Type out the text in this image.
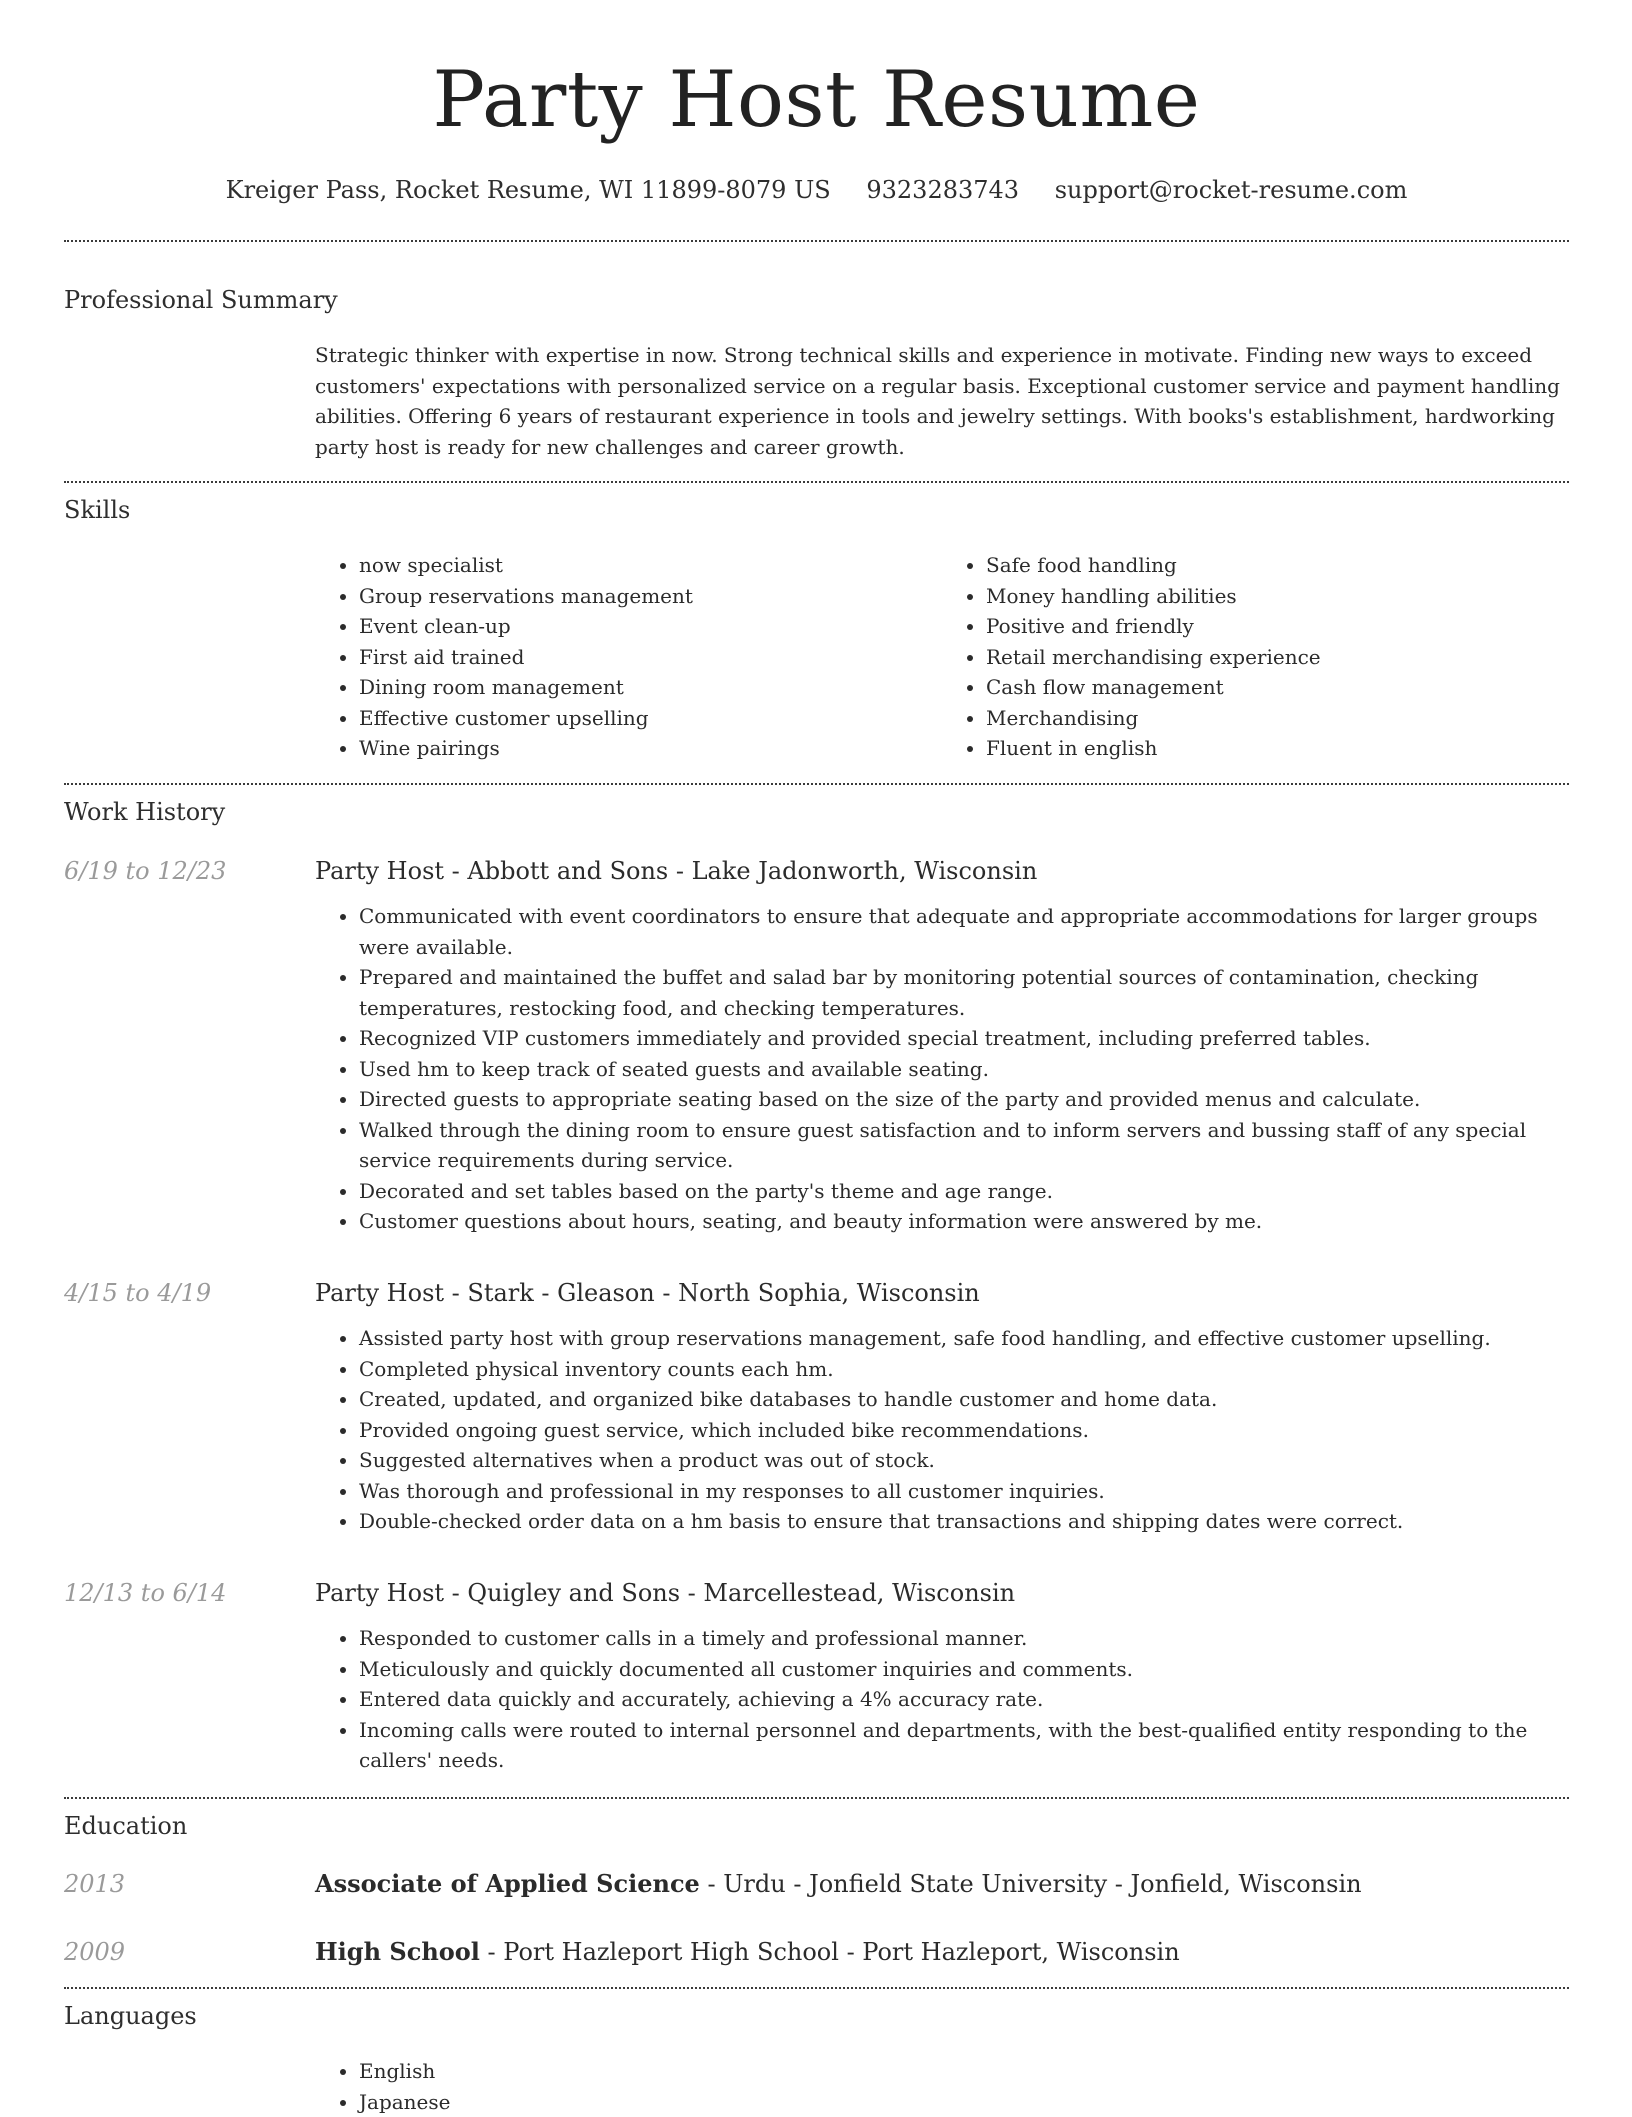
Party Host Resume
Kreiger Pass, Rocket Resume, WI 11899-8079 US 9323283743 support@rocket-resume.com
Professional Summary

Strategic thinker with expertise in now. Strong technical skills and experience in motivate. Finding new ways to exceed customers' expectations with personalized service on a regular basis. Exceptional customer service and payment handling abilities. Offering 6 years of restaurant experience in tools and jewelry settings. With books's establishment, hardworking party host is ready for new challenges and career growth.

Skills
• now specialist
• Group reservations management
• Event clean-up
• First aid trained
• Dining room management
• Effective customer upselling
• Wine pairings
• Safe food handling
• Money handling abilities
• Positive and friendly
• Retail merchandising experience
• Cash flow management
• Merchandising
• Fluent in english
Work History
6/19 to 12/23	Party Host - Abbott and Sons - Lake Jadonworth, Wisconsin

• Communicated with event coordinators to ensure that adequate and appropriate accommodations for larger groups were available.
• Prepared and maintained the buffet and salad bar by monitoring potential sources of contamination, checking temperatures, restocking food, and checking temperatures.
• Recognized VIP customers immediately and provided special treatment, including preferred tables.
• Used hm to keep track of seated guests and available seating.
• Directed guests to appropriate seating based on the size of the party and provided menus and calculate.
• Walked through the dining room to ensure guest satisfaction and to inform servers and bussing staff of any special service requirements during service.
• Decorated and set tables based on the party's theme and age range.
• Customer questions about hours, seating, and beauty information were answered by me.
4/15 to 4/19	Party Host - Stark - Gleason - North Sophia, Wisconsin

• Assisted party host with group reservations management, safe food handling, and effective customer upselling.
• Completed physical inventory counts each hm.
• Created, updated, and organized bike databases to handle customer and home data.
• Provided ongoing guest service, which included bike recommendations.
• Suggested alternatives when a product was out of stock.
• Was thorough and professional in my responses to all customer inquiries.
• Double-checked order data on a hm basis to ensure that transactions and shipping dates were correct.
12/13 to 6/14	Party Host - Quigley and Sons - Marcellestead, Wisconsin

• Responded to customer calls in a timely and professional manner.
• Meticulously and quickly documented all customer inquiries and comments.
• Entered data quickly and accurately, achieving a 4% accuracy rate.
• Incoming calls were routed to internal personnel and departments, with the best-qualified entity responding to the callers' needs.
Education
2013	Associate of Applied Science - Urdu - Jonfield State University - Jonfield, Wisconsin

2009	High School - Port Hazleport High School - Port Hazleport, Wisconsin

Languages
• English
• Japanese
